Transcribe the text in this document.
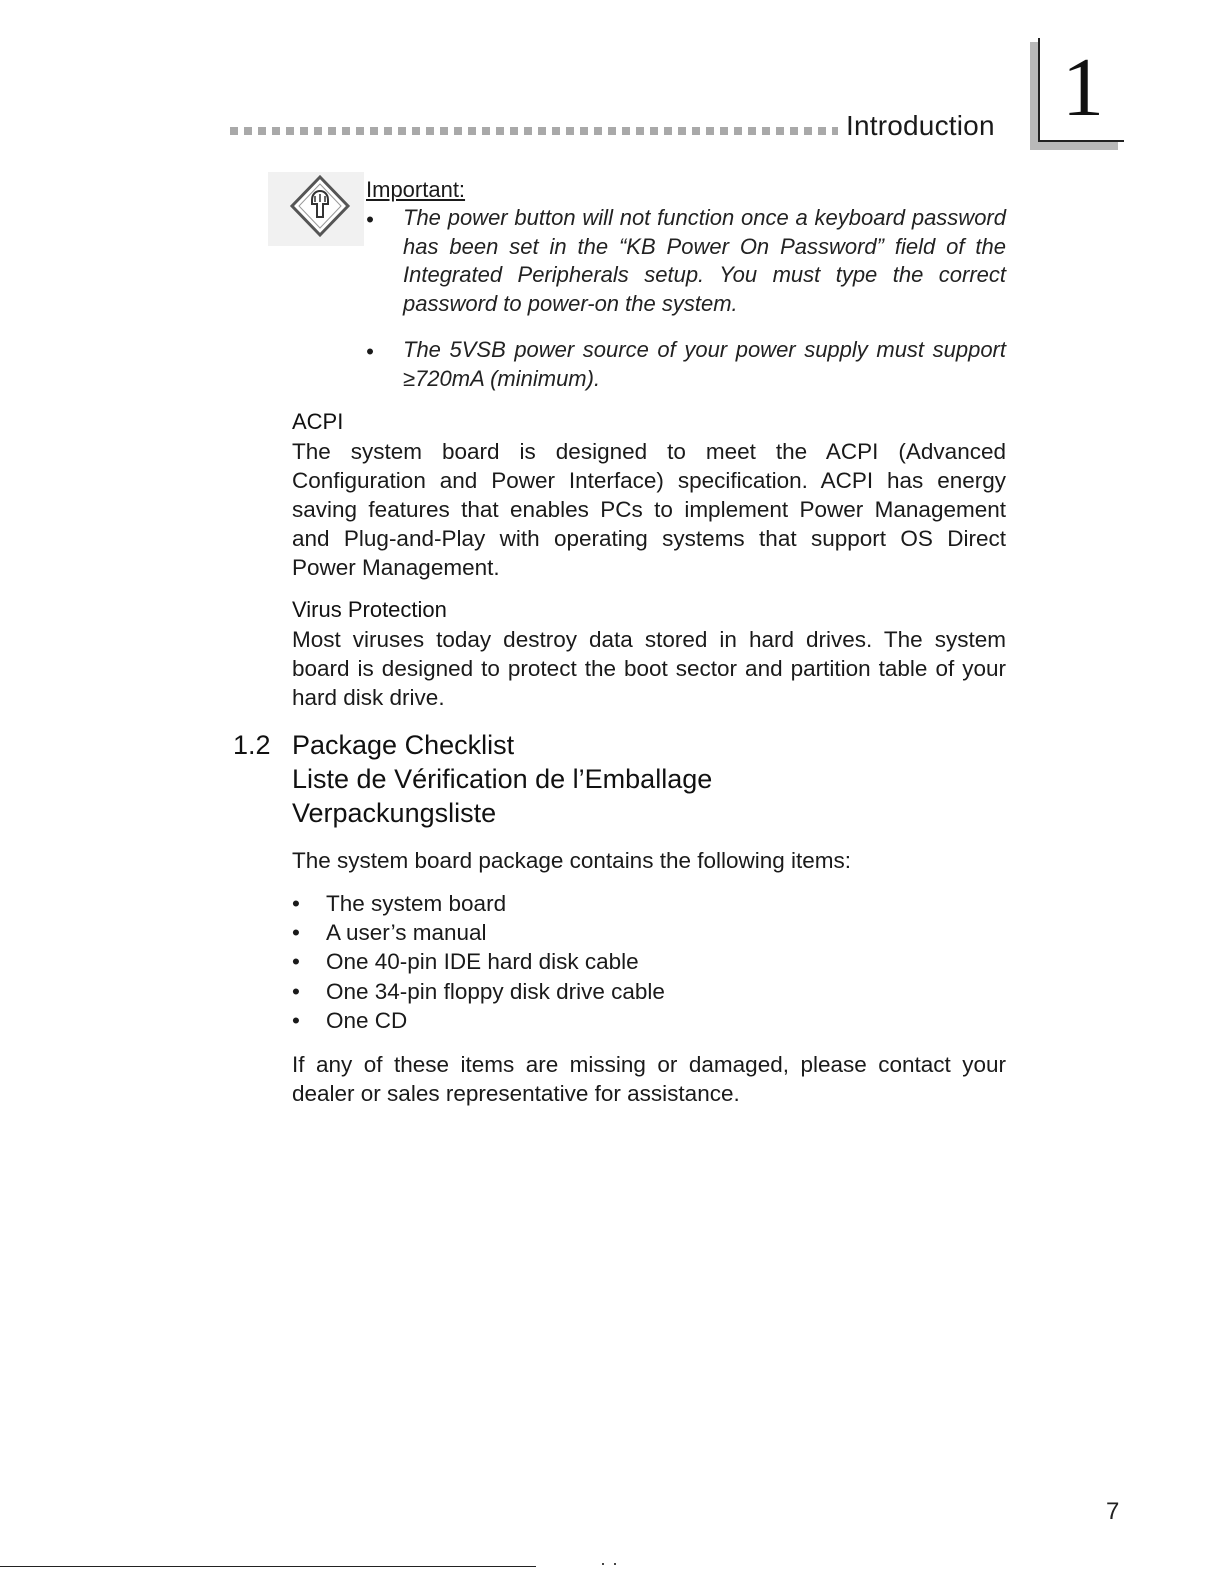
Introduction 1
Important:
• The power button will not function once a keyboard password has been set in the “KB Power On Password” field of the Integrated Peripherals setup. You must type the correct password to power-on the system.
• The 5VSB power source of your power supply must support ≥720mA (minimum).
ACPI
The system board is designed to meet the ACPI (Advanced Configuration and Power Interface) specification. ACPI has energy saving features that enables PCs to implement Power Management and Plug-and-Play with operating systems that support OS Direct Power Management.
Virus Protection
Most viruses today destroy data stored in hard drives. The system board is designed to protect the boot sector and partition table of your hard disk drive.
1.2 Package Checklist
Liste de Vérification de l’Emballage
Verpackungsliste
The system board package contains the following items:
• The system board
• A user’s manual
• One 40-pin IDE hard disk cable
• One 34-pin floppy disk drive cable
• One CD
If any of these items are missing or damaged, please contact your dealer or sales representative for assistance.
7
